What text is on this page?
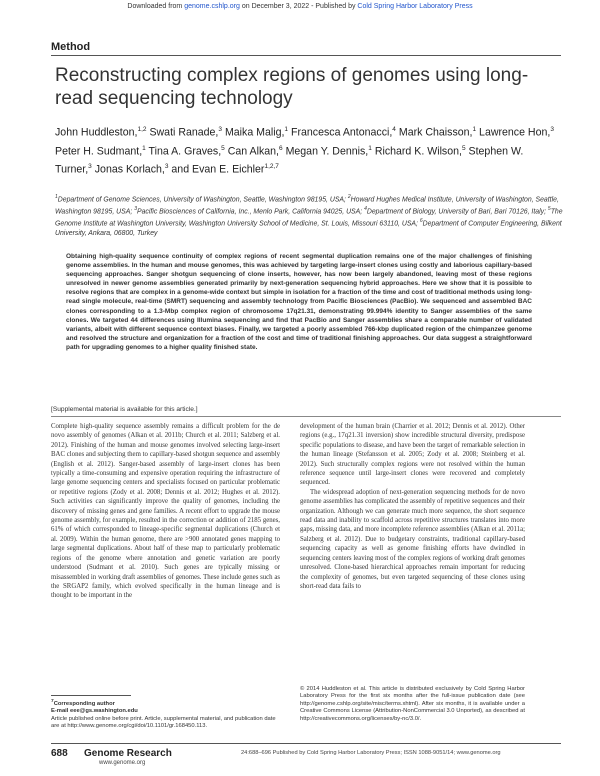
Downloaded from genome.cshlp.org on December 3, 2022 - Published by Cold Spring Harbor Laboratory Press
Method
Reconstructing complex regions of genomes using long-read sequencing technology
John Huddleston,$^{1,2}$ Swati Ranade,$^3$ Maika Malig,$^1$ Francesca Antonacci,$^4$ Mark Chaisson,$^1$ Lawrence Hon,$^3$ Peter H. Sudmant,$^1$ Tina A. Graves,$^5$ Can Alkan,$^6$ Megan Y. Dennis,$^1$ Richard K. Wilson,$^5$ Stephen W. Turner,$^3$ Jonas Korlach,$^3$ and Evan E. Eichler$^{1,2,7}$
$^1$Department of Genome Sciences, University of Washington, Seattle, Washington 98195, USA; $^2$Howard Hughes Medical Institute, University of Washington, Seattle, Washington 98195, USA; $^3$Pacific Biosciences of California, Inc., Menlo Park, California 94025, USA; $^4$Department of Biology, University of Bari, Bari 70126, Italy; $^5$The Genome Institute at Washington University, Washington University School of Medicine, St. Louis, Missouri 63110, USA; $^6$Department of Computer Engineering, Bilkent University, Ankara, 06800, Turkey
Obtaining high-quality sequence continuity of complex regions of recent segmental duplication remains one of the major challenges of finishing genome assemblies. In the human and mouse genomes, this was achieved by targeting large-insert clones using costly and laborious capillary-based sequencing approaches. Sanger shotgun sequencing of clone inserts, however, has now been largely abandoned, leaving most of these regions unresolved in newer genome assemblies generated primarily by next-generation sequencing hybrid approaches. Here we show that it is possible to resolve regions that are complex in a genome-wide context but simple in isolation for a fraction of the time and cost of traditional methods using long-read single molecule, real-time (SMRT) sequencing and assembly technology from Pacific Biosciences (PacBio). We sequenced and assembled BAC clones corresponding to a 1.3-Mbp complex region of chromosome 17q21.31, demonstrating 99.994% identity to Sanger assemblies of the same clones. We targeted 44 differences using Illumina sequencing and find that PacBio and Sanger assemblies share a comparable number of validated variants, albeit with different sequence context biases. Finally, we targeted a poorly assembled 766-kbp duplicated region of the chimpanzee genome and resolved the structure and organization for a fraction of the cost and time of traditional finishing approaches. Our data suggest a straightforward path for upgrading genomes to a higher quality finished state.
[Supplemental material is available for this article.]

Complete high-quality sequence assembly remains a difficult problem for the de novo assembly of genomes (Alkan et al. 2011b; Church et al. 2011; Salzberg et al. 2012). Finishing of the human and mouse genomes involved selecting large-insert BAC clones and subjecting them to capillary-based shotgun sequence and assembly (English et al. 2012). Sanger-based assembly of large-insert clones has been typically a time-consuming and expensive operation requiring the infrastructure of large genome sequencing centers and specialists focused on particular problematic or repetitive regions (Zody et al. 2008; Dennis et al. 2012; Hughes et al. 2012). Such activities can significantly improve the quality of genomes, including the discovery of missing genes and gene families. A recent effort to upgrade the mouse genome assembly, for example, resulted in the correction or addition of 2185 genes, 61% of which corresponded to lineage-specific segmental duplications (Church et al. 2009). Within the human genome, there are >900 annotated genes mapping to large segmental duplications. About half of these map to particularly problematic regions of the genome where annotation and genetic variation are poorly understood (Sudmant et al. 2010). Such genes are typically missing or misassembled in working draft assemblies of genomes. These include genes such as the SRGAP2 family, which evolved specifically in the human lineage and is thought to be important in the

development of the human brain (Charrier et al. 2012; Dennis et al. 2012). Other regions (e.g., 17q21.31 inversion) show incredible structural diversity, predispose specific populations to disease, and have been the target of remarkable selection in the human lineage (Stefansson et al. 2005; Zody et al. 2008; Steinberg et al. 2012). Such structurally complex regions were not resolved within the human reference sequence until large-insert clones were recovered and completely sequenced.

The widespread adoption of next-generation sequencing methods for de novo genome assemblies has complicated the assembly of repetitive sequences and their organization. Although we can generate much more sequence, the short sequence read data and inability to scaffold across repetitive structures translates into more gaps, missing data, and more incomplete reference assemblies (Alkan et al. 2011a; Salzberg et al. 2012). Due to budgetary constraints, traditional capillary-based sequencing capacity as well as genome finishing efforts have dwindled in sequencing centers leaving most of the complex regions of working draft genomes unresolved. Clone-based hierarchical approaches remain important for reducing the complexity of genomes, but even targeted sequencing of these clones using short-read data fails to

$^7$Corresponding author
E-mail eee@gs.washington.edu
Article published online before print. Article, supplemental material, and publication date are at http://www.genome.org/cgi/doi/10.1101/gr.168450.113.
© 2014 Huddleston et al. This article is distributed exclusively by Cold Spring Harbor Laboratory Press for the first six months after the full-issue publication date (see http://genome.cshlp.org/site/misc/terms.xhtml). After six months, it is available under a Creative Commons License (Attribution-NonCommercial 3.0 Unported), as described at http://creativecommons.org/licenses/by-nc/3.0/.
688 Genome Research
www.genome.org
24:688–696 Published by Cold Spring Harbor Laboratory Press; ISSN 1088-9051/14; www.genome.org
